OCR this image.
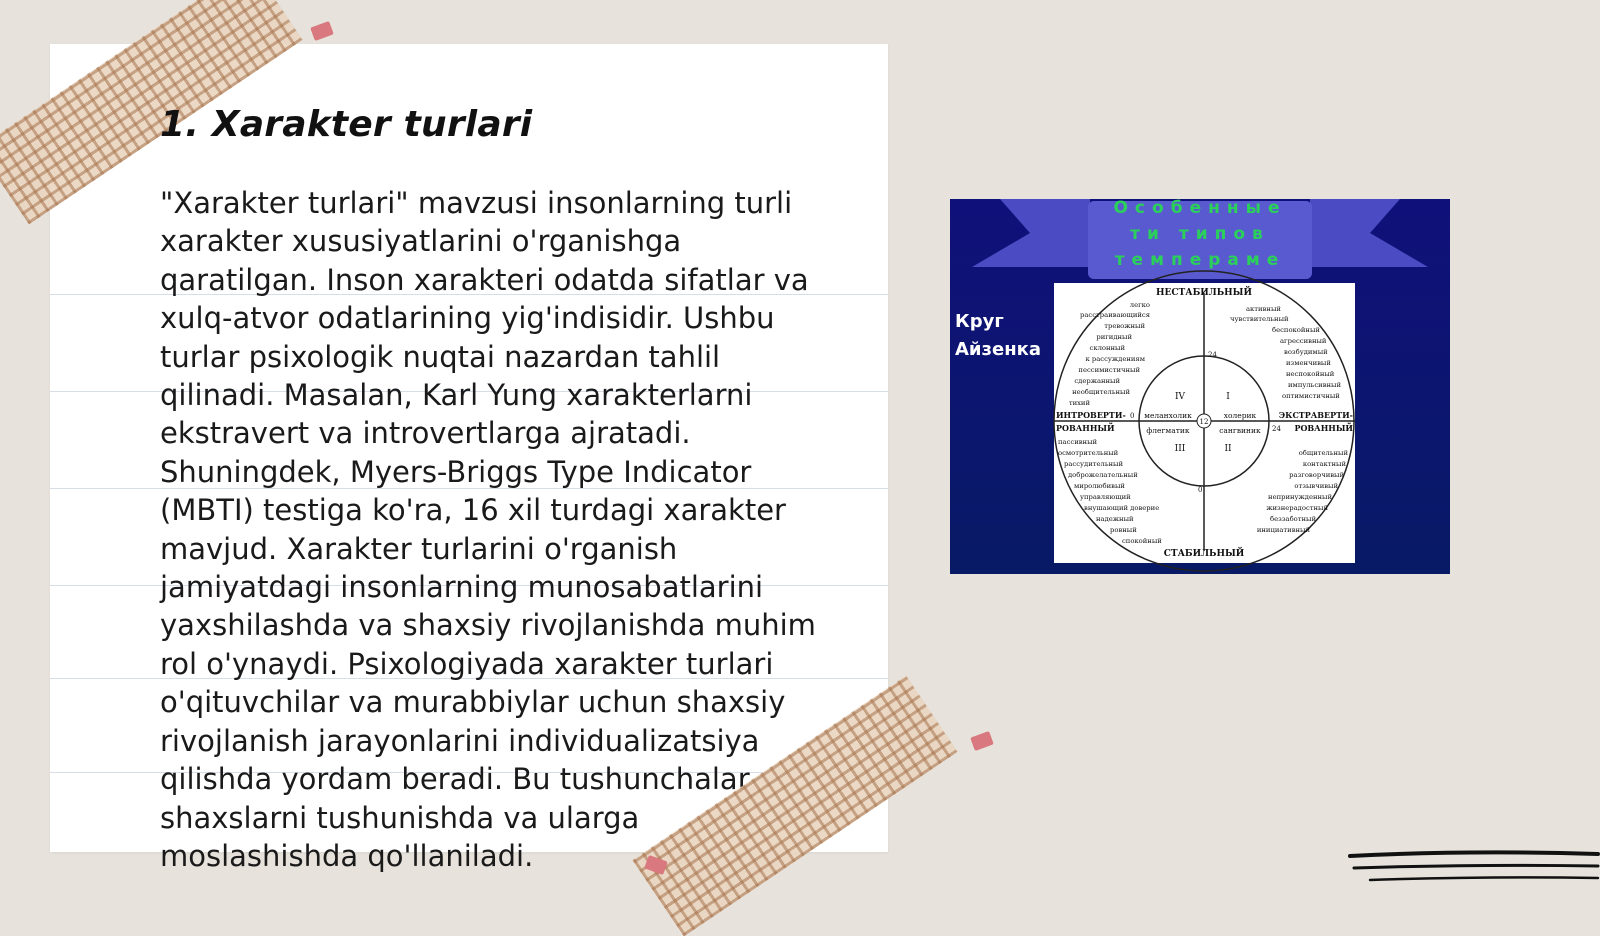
1. Xarakter turlari

"Xarakter turlari" mavzusi insonlarning turli xarakter xususiyatlarini o'rganishga qaratilgan. Inson xarakteri odatda sifatlar va xulq-atvor odatlarining yig'indisidir. Ushbu turlar psixologik nuqtai nazardan tahlil qilinadi. Masalan, Karl Yung xarakterlarni ekstravert va introvertlarga ajratadi. Shuningdek, Myers-Briggs Type Indicator (MBTI) testiga ko'ra, 16 xil turdagi xarakter mavjud. Xarakter turlarini o'rganish jamiyatdagi insonlarning munosabatlarini yaxshilashda va shaxsiy rivojlanishda muhim rol o'ynaydi. Psixologiyada xarakter turlari o'qituvchilar va murabbiylar uchun shaxsiy rivojlanish jarayonlarini individualizatsiya qilishda yordam beradi. Bu tushunchalar shaxslarni tushunishda va ularga moslashishda qo'llaniladi.

Особенные
ти типов
темпераме
Круг
Айзенка
НЕСТАБИЛЬНЫЙ
СТАБИЛЬНЫЙ
ИНТРОВЕРТИ-
РОВАННЫЙ
ЭКСТРАВЕРТИ-
РОВАННЫЙ
IV	I
III	II
меланхолик	холерик
флегматик	сангвиник
24
0
12
24
0
легко
расстраивающийся
тревожный
ригидный
склонный
к рассуждениям
пессимистичный
сдержанный
необщительный
тихий
активный
чувствительный
беспокойный
агрессивный
возбудимый
изменчивый
неспокойный
импульсивный
оптимистичный
пассивный
осмотрительный
рассудительный
доброжелательный
миролюбивый
управляющий
внушающий доверие
надежный
ровный
спокойный
общительный
контактный
разговорчивый
отзывчивый
непринужденный
жизнерадостный
беззаботный
инициативный
